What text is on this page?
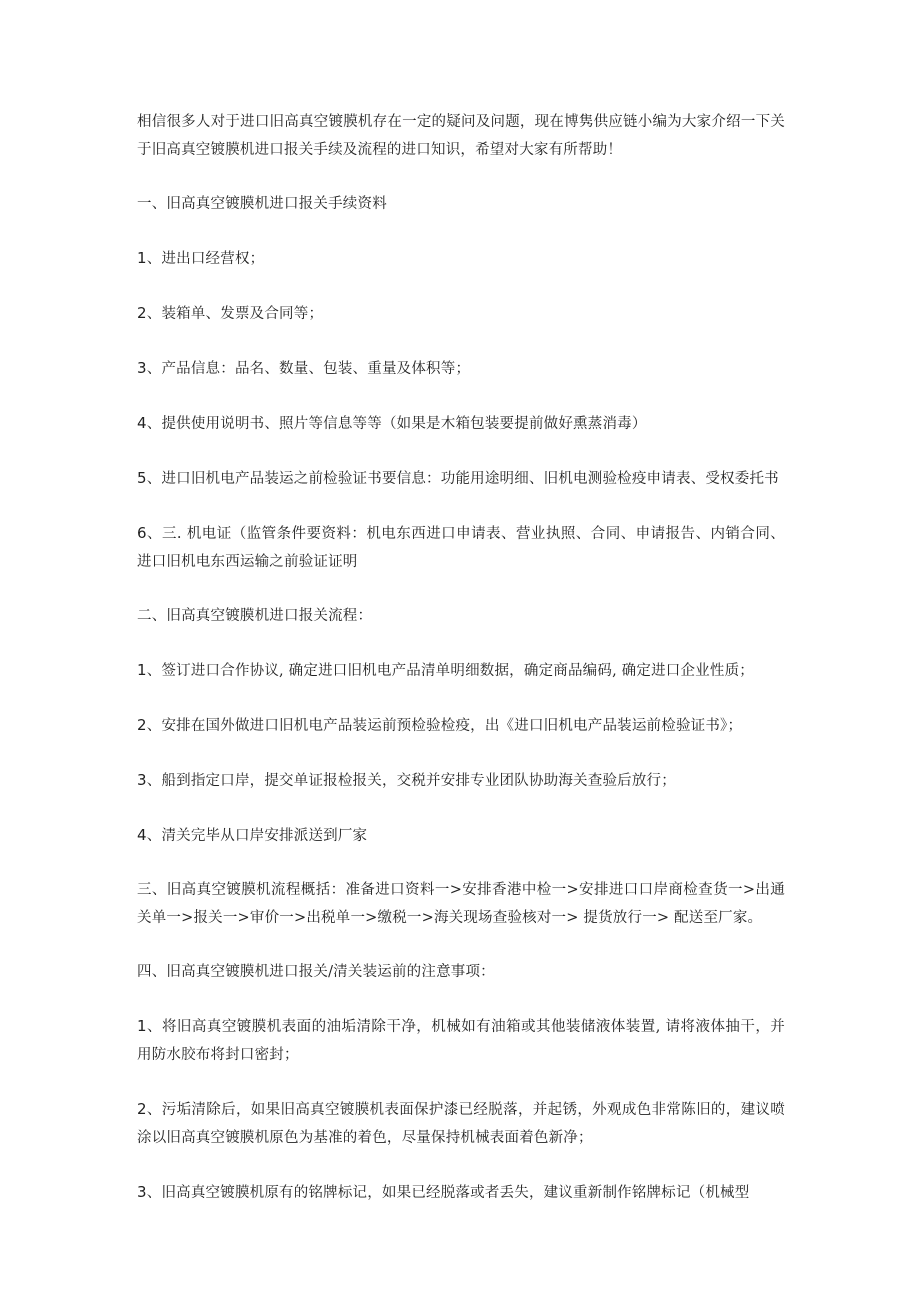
相信很多人对于进口旧高真空镀膜机存在一定的疑问及问题，现在博隽供应链小编为大家介绍一下关于旧高真空镀膜机进口报关手续及流程的进口知识，希望对大家有所帮助！

一、旧高真空镀膜机进口报关手续资料

1、进出口经营权；

2、装箱单、发票及合同等；

3、产品信息：品名、数量、包装、重量及体积等；

4、提供使用说明书、照片等信息等等（如果是木箱包装要提前做好熏蒸消毒）

5、进口旧机电产品装运之前检验证书要信息：功能用途明细、旧机电测验检疫申请表、受权委托书

6、三. 机电证（监管条件要资料：机电东西进口申请表、营业执照、合同、申请报告、内销合同、进口旧机电东西运输之前验证证明

二、旧高真空镀膜机进口报关流程：

1、签订进口合作协议, 确定进口旧机电产品清单明细数据，确定商品编码, 确定进口企业性质；

2、安排在国外做进口旧机电产品装运前预检验检疫，出《进口旧机电产品装运前检验证书》；

3、船到指定口岸，提交单证报检报关，交税并安排专业团队协助海关查验后放行；

4、清关完毕从口岸安排派送到厂家

三、旧高真空镀膜机流程概括：准备进口资料一>安排香港中检一>安排进口口岸商检查货一>出通关单一>报关一>审价一>出税单一>缴税一>海关现场查验核对一> 提货放行一> 配送至厂家。

四、旧高真空镀膜机进口报关/清关装运前的注意事项：

1、将旧高真空镀膜机表面的油垢清除干净，机械如有油箱或其他装储液体装置, 请将液体抽干，并用防水胶布将封口密封；

2、污垢清除后，如果旧高真空镀膜机表面保护漆已经脱落，并起锈，外观成色非常陈旧的，建议喷涂以旧高真空镀膜机原色为基准的着色，尽量保持机械表面着色新净；

3、旧高真空镀膜机原有的铭牌标记，如果已经脱落或者丢失，建议重新制作铭牌标记（机械型
